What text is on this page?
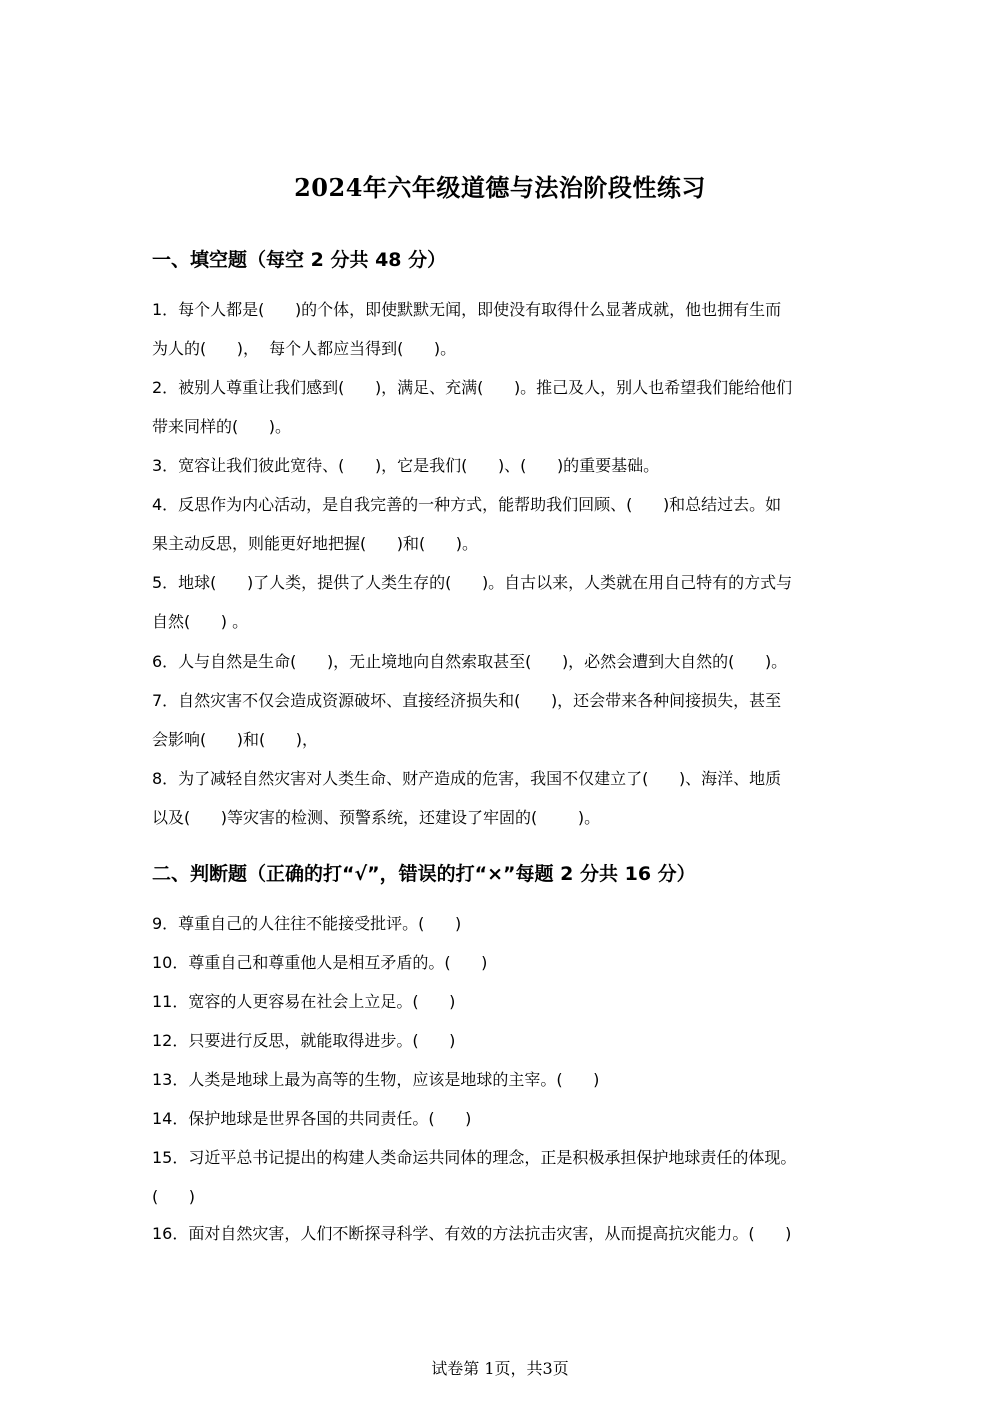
2024年六年级道德与法治阶段性练习
一、填空题（每空 2 分共 48 分）
1．每个人都是(      )的个体，即使默默无闻，即使没有取得什么显著成就，他也拥有生而
为人的(      )，  每个人都应当得到(      )。
2．被别人尊重让我们感到(      )，满足、充满(      )。推己及人，别人也希望我们能给他们
带来同样的(      )。
3．宽容让我们彼此宽待、(      )，它是我们(      )、(      )的重要基础。
4．反思作为内心活动，是自我完善的一种方式，能帮助我们回顾、(      )和总结过去。如
果主动反思，则能更好地把握(      )和(      )。
5．地球(      )了人类，提供了人类生存的(      )。自古以来，人类就在用自己特有的方式与
自然(      ) 。
6．人与自然是生命(      )，无止境地向自然索取甚至(      )，必然会遭到大自然的(      )。
7．自然灾害不仅会造成资源破坏、直接经济损失和(      )，还会带来各种间接损失，甚至
会影响(      )和(      )，
8．为了减轻自然灾害对人类生命、财产造成的危害，我国不仅建立了(      )、海洋、地质
以及(      )等灾害的检测、预警系统，还建设了牢固的(        )。
二、判断题（正确的打“√”，错误的打“×”每题 2 分共 16 分）
9．尊重自己的人往往不能接受批评。(      )
10．尊重自己和尊重他人是相互矛盾的。(      )
11．宽容的人更容易在社会上立足。(      )
12．只要进行反思，就能取得进步。(      )
13．人类是地球上最为高等的生物，应该是地球的主宰。(      )
14．保护地球是世界各国的共同责任。(      )
15．习近平总书记提出的构建人类命运共同体的理念，正是积极承担保护地球责任的体现。
(      )
16．面对自然灾害，人们不断探寻科学、有效的方法抗击灾害，从而提高抗灾能力。(      )
试卷第 1页，共3页
